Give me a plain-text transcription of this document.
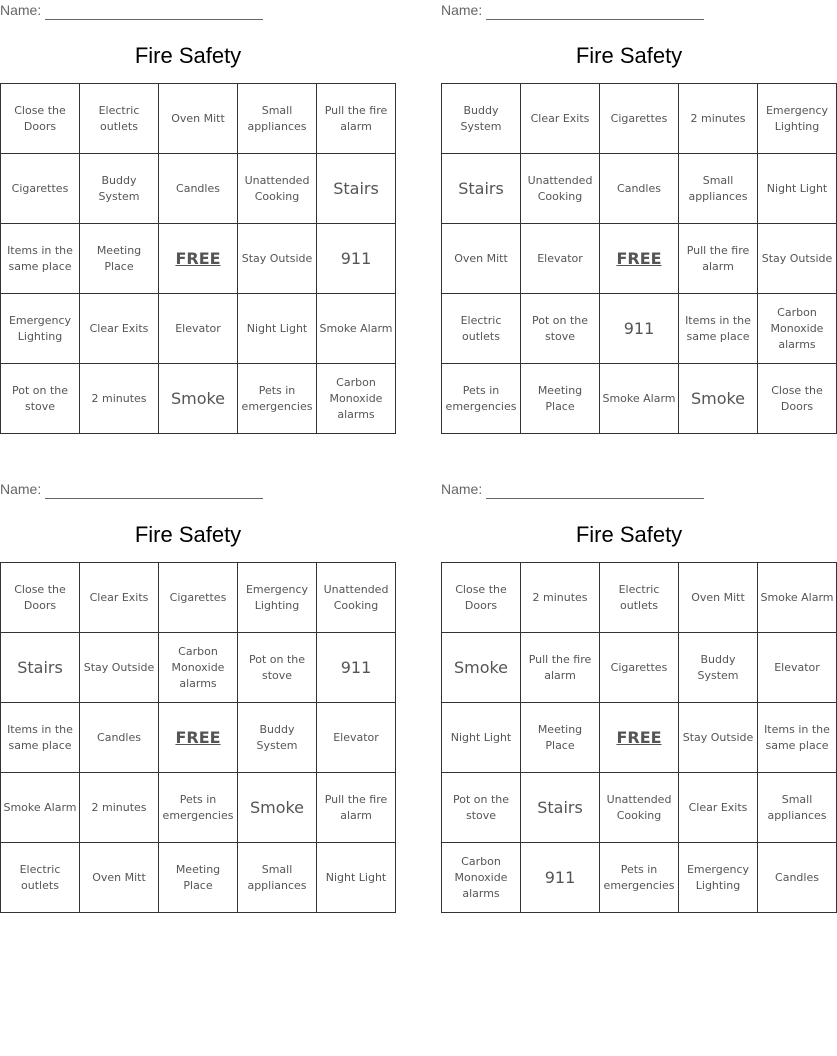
Name:
Fire Safety
Close the Doors	Electric outlets	Oven Mitt	Small appliances	Pull the fire alarm
Cigarettes	Buddy System	Candles	Unattended Cooking	Stairs
Items in the same place	Meeting Place	FREE	Stay Outside	911
Emergency Lighting	Clear Exits	Elevator	Night Light	Smoke Alarm
Pot on the stove	2 minutes	Smoke	Pets in emergencies	Carbon Monoxide alarms
Name:
Fire Safety
Buddy System	Clear Exits	Cigarettes	2 minutes	Emergency Lighting
Stairs	Unattended Cooking	Candles	Small appliances	Night Light
Oven Mitt	Elevator	FREE	Pull the fire alarm	Stay Outside
Electric outlets	Pot on the stove	911	Items in the same place	Carbon Monoxide alarms
Pets in emergencies	Meeting Place	Smoke Alarm	Smoke	Close the Doors
Name:
Fire Safety
Close the Doors	Clear Exits	Cigarettes	Emergency Lighting	Unattended Cooking
Stairs	Stay Outside	Carbon Monoxide alarms	Pot on the stove	911
Items in the same place	Candles	FREE	Buddy System	Elevator
Smoke Alarm	2 minutes	Pets in emergencies	Smoke	Pull the fire alarm
Electric outlets	Oven Mitt	Meeting Place	Small appliances	Night Light
Name:
Fire Safety
Close the Doors	2 minutes	Electric outlets	Oven Mitt	Smoke Alarm
Smoke	Pull the fire alarm	Cigarettes	Buddy System	Elevator
Night Light	Meeting Place	FREE	Stay Outside	Items in the same place
Pot on the stove	Stairs	Unattended Cooking	Clear Exits	Small appliances
Carbon Monoxide alarms	911	Pets in emergencies	Emergency Lighting	Candles
